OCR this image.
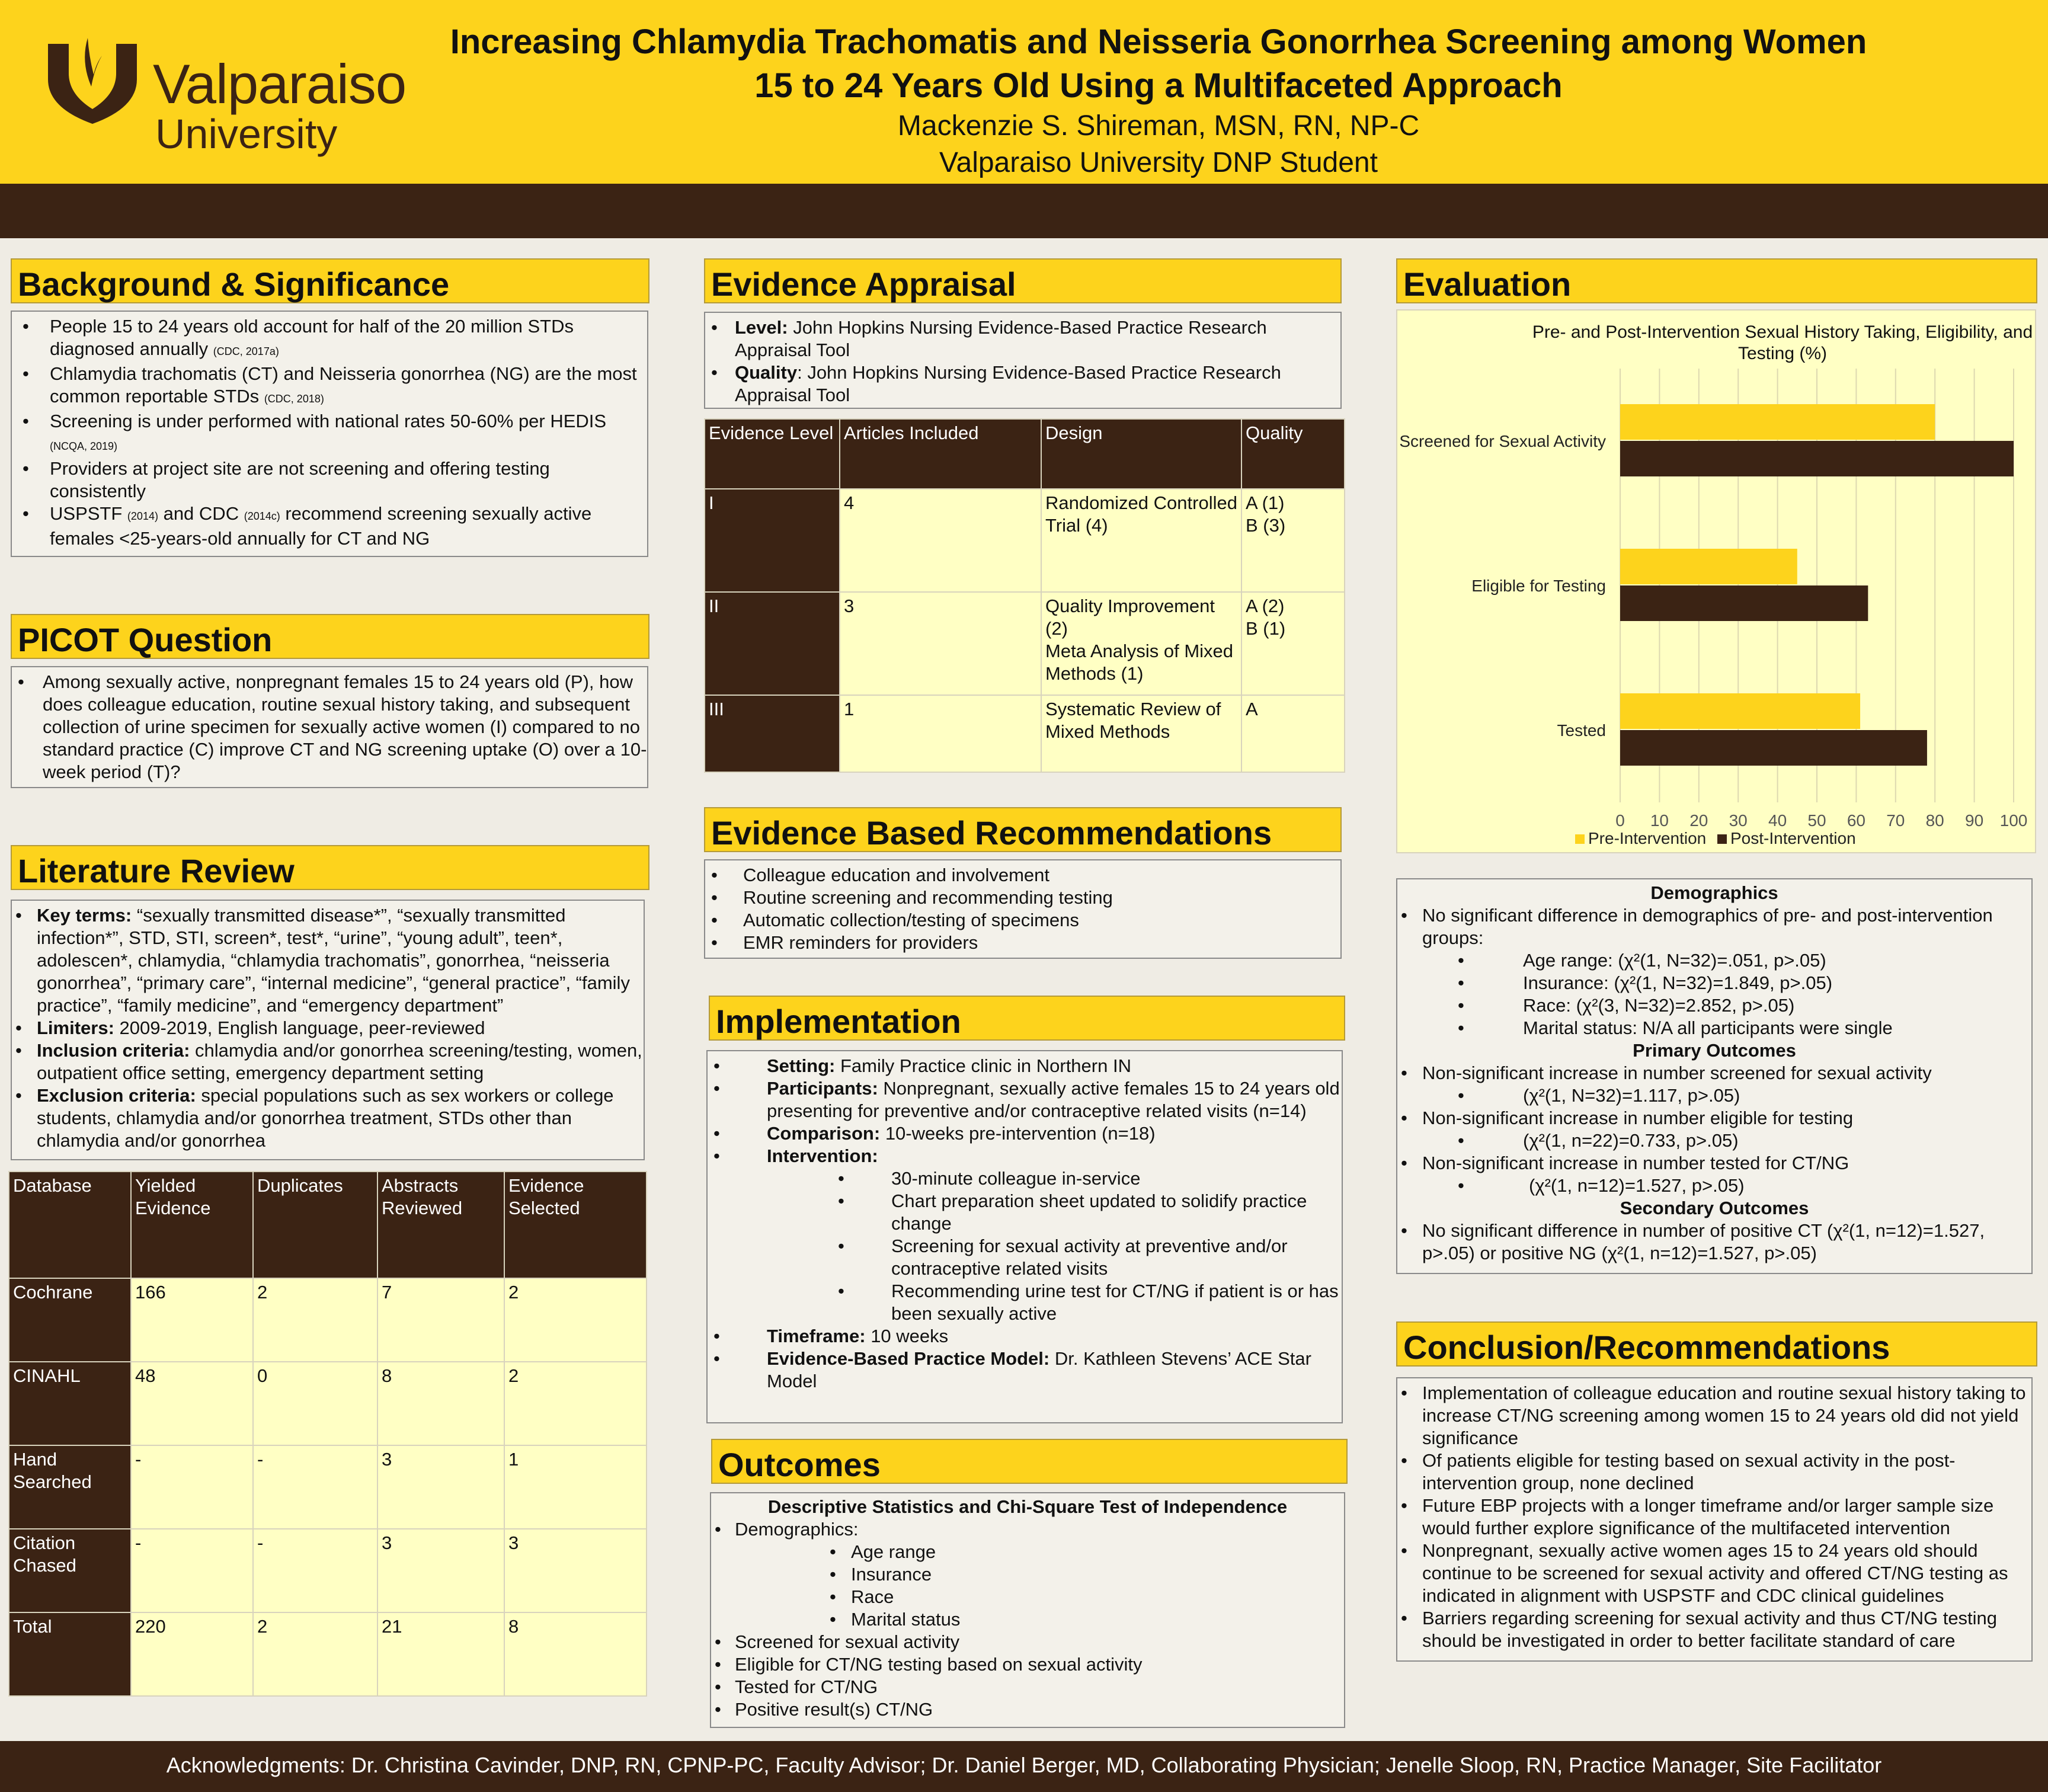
Valparaiso
University
Increasing Chlamydia Trachomatis and Neisseria Gonorrhea Screening among Women
15 to 24 Years Old Using a Multifaceted Approach
Mackenzie S. Shireman, MSN, RN, NP-C
Valparaiso University DNP Student
Background & Significance
• People 15 to 24 years old account for half of the 20 million STDs diagnosed annually (CDC, 2017a)
• Chlamydia trachomatis (CT) and Neisseria gonorrhea (NG) are the most common reportable STDs (CDC, 2018)
• Screening is under performed with national rates 50-60% per HEDIS
(NCQA, 2019)
• Providers at project site are not screening and offering testing consistently
• USPSTF (2014) and CDC (2014c) recommend screening sexually active females <25-years-old annually for CT and NG
PICOT Question
• Among sexually active, nonpregnant females 15 to 24 years old (P), how does colleague education, routine sexual history taking, and subsequent collection of urine specimen for sexually active women (I) compared to no standard practice (C) improve CT and NG screening uptake (O) over a 10-week period (T)?
Literature Review
• Key terms: “sexually transmitted disease*”, “sexually transmitted infection*”, STD, STI, screen*, test*, “urine”, “young adult”, teen*, adolescen*, chlamydia, “chlamydia trachomatis”, gonorrhea, “neisseria gonorrhea”, “primary care”, “internal medicine”, “general practice”, “family practice”, “family medicine”, and “emergency department”
• Limiters: 2009-2019, English language, peer-reviewed
• Inclusion criteria: chlamydia and/or gonorrhea screening/testing, women, outpatient office setting, emergency department setting
• Exclusion criteria: special populations such as sex workers or college students, chlamydia and/or gonorrhea treatment, STDs other than chlamydia and/or gonorrhea
Database	Yielded Evidence	Duplicates	Abstracts Reviewed	Evidence Selected
Cochrane	166	2	7	2
CINAHL	48	0	8	2
Hand Searched	-	-	3	1
Citation Chased	-	-	3	3
Total	220	2	21	8
Evidence Appraisal
• Level: John Hopkins Nursing Evidence-Based Practice Research Appraisal Tool
• Quality: John Hopkins Nursing Evidence-Based Practice Research Appraisal Tool
Evidence Level	Articles Included	Design	Quality
I	4	Randomized Controlled Trial (4)	A (1)
B (3)
II	3	Quality Improvement (2)
Meta Analysis of Mixed Methods (1)	A (2)
B (1)
III	1	Systematic Review of Mixed Methods	A
Evidence Based Recommendations
• Colleague education and involvement
• Routine screening and recommending testing
• Automatic collection/testing of specimens
• EMR reminders for providers
Implementation
• Setting: Family Practice clinic in Northern IN
• Participants: Nonpregnant, sexually active females 15 to 24 years old presenting for preventive and/or contraceptive related visits (n=14)
• Comparison: 10-weeks pre-intervention (n=18)
• Intervention:
• 30-minute colleague in-service
• Chart preparation sheet updated to solidify practice change
• Screening for sexual activity at preventive and/or contraceptive related visits
• Recommending urine test for CT/NG if patient is or has been sexually active
• Timeframe: 10 weeks
• Evidence-Based Practice Model: Dr. Kathleen Stevens’ ACE Star Model
Outcomes
Descriptive Statistics and Chi-Square Test of Independence
• Demographics:
• Age range
• Insurance
• Race
• Marital status
• Screened for sexual activity
• Eligible for CT/NG testing based on sexual activity
• Tested for CT/NG
• Positive result(s) CT/NG
Evaluation
Pre- and Post-Intervention Sexual History Taking, Eligibility, and
Testing (%)
0 10 20 30 40 50 60 70 80 90 100
Screened for Sexual Activity
Eligible for Testing
Tested
Pre-Intervention Post-Intervention
Demographics
• No significant difference in demographics of pre- and post-intervention groups:
• Age range: (χ²(1, N=32)=.051, p>.05)
• Insurance: (χ²(1, N=32)=1.849, p>.05)
• Race: (χ²(3, N=32)=2.852, p>.05)
• Marital status: N/A all participants were single
Primary Outcomes
• Non-significant increase in number screened for sexual activity
• (χ²(1, N=32)=1.117, p>.05)
• Non-significant increase in number eligible for testing
• (χ²(1, n=22)=0.733, p>.05)
• Non-significant increase in number tested for CT/NG
• (χ²(1, n=12)=1.527, p>.05)
Secondary Outcomes
• No significant difference in number of positive CT (χ²(1, n=12)=1.527, p>.05) or positive NG (χ²(1, n=12)=1.527, p>.05)
Conclusion/Recommendations
• Implementation of colleague education and routine sexual history taking to increase CT/NG screening among women 15 to 24 years old did not yield significance
• Of patients eligible for testing based on sexual activity in the post-intervention group, none declined
• Future EBP projects with a longer timeframe and/or larger sample size would further explore significance of the multifaceted intervention
• Nonpregnant, sexually active women ages 15 to 24 years old should continue to be screened for sexual activity and offered CT/NG testing as indicated in alignment with USPSTF and CDC clinical guidelines
• Barriers regarding screening for sexual activity and thus CT/NG testing should be investigated in order to better facilitate standard of care
Acknowledgments: Dr. Christina Cavinder, DNP, RN, CPNP-PC, Faculty Advisor; Dr. Daniel Berger, MD, Collaborating Physician; Jenelle Sloop, RN, Practice Manager, Site Facilitator
